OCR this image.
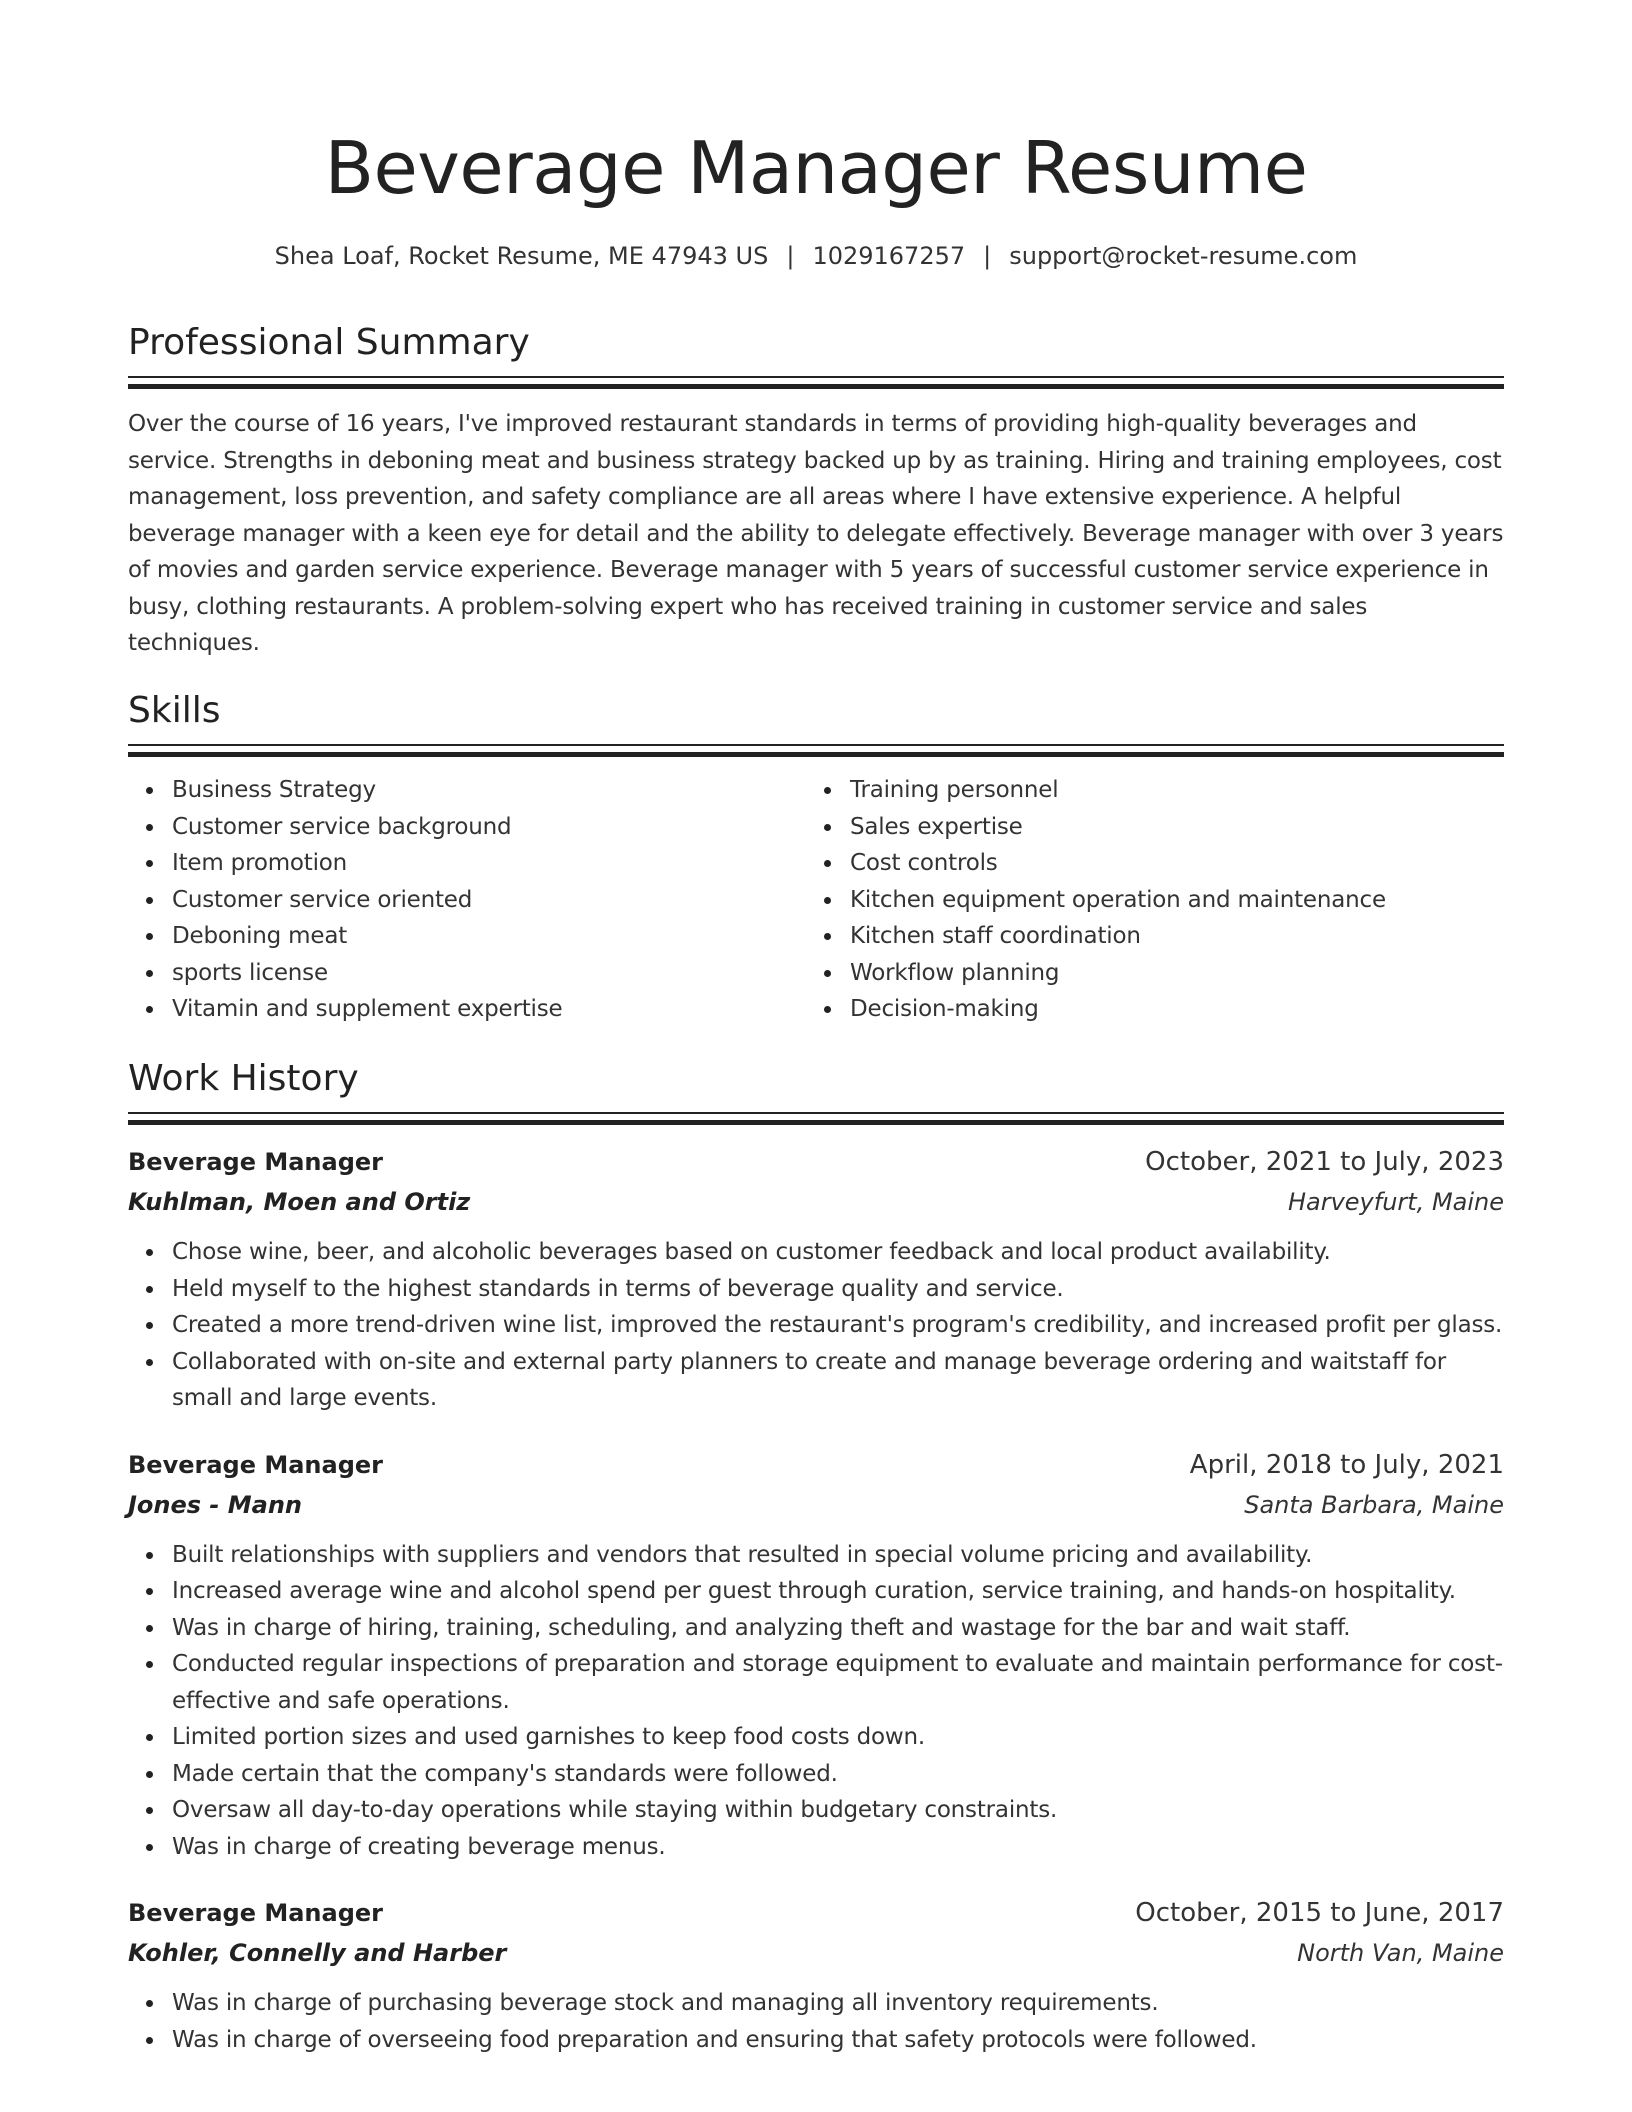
Beverage Manager Resume
Shea Loaf, Rocket Resume, ME 47943 US | 1029167257 | support@rocket-resume.com
Professional Summary

Over the course of 16 years, I've improved restaurant standards in terms of providing high-quality beverages and service. Strengths in deboning meat and business strategy backed up by as training. Hiring and training employees, cost management, loss prevention, and safety compliance are all areas where I have extensive experience. A helpful beverage manager with a keen eye for detail and the ability to delegate effectively. Beverage manager with over 3 years of movies and garden service experience. Beverage manager with 5 years of successful customer service experience in busy, clothing restaurants. A problem-solving expert who has received training in customer service and sales techniques.

Skills
Business Strategy
Customer service background
Item promotion
Customer service oriented
Deboning meat
sports license
Vitamin and supplement expertise
Training personnel
Sales expertise
Cost controls
Kitchen equipment operation and maintenance
Kitchen staff coordination
Workflow planning
Decision-making
Work History
Beverage Manager	October, 2021 to July, 2023
Kuhlman, Moen and Ortiz	Harveyfurt, Maine
Chose wine, beer, and alcoholic beverages based on customer feedback and local product availability.
Held myself to the highest standards in terms of beverage quality and service.
Created a more trend-driven wine list, improved the restaurant's program's credibility, and increased profit per glass.
Collaborated with on-site and external party planners to create and manage beverage ordering and waitstaff for small and large events.
Beverage Manager	April, 2018 to July, 2021
Jones - Mann	Santa Barbara, Maine
Built relationships with suppliers and vendors that resulted in special volume pricing and availability.
Increased average wine and alcohol spend per guest through curation, service training, and hands-on hospitality.
Was in charge of hiring, training, scheduling, and analyzing theft and wastage for the bar and wait staff.
Conducted regular inspections of preparation and storage equipment to evaluate and maintain performance for cost-effective and safe operations.
Limited portion sizes and used garnishes to keep food costs down.
Made certain that the company's standards were followed.
Oversaw all day-to-day operations while staying within budgetary constraints.
Was in charge of creating beverage menus.
Beverage Manager	October, 2015 to June, 2017
Kohler, Connelly and Harber	North Van, Maine
Was in charge of purchasing beverage stock and managing all inventory requirements.
Was in charge of overseeing food preparation and ensuring that safety protocols were followed.
